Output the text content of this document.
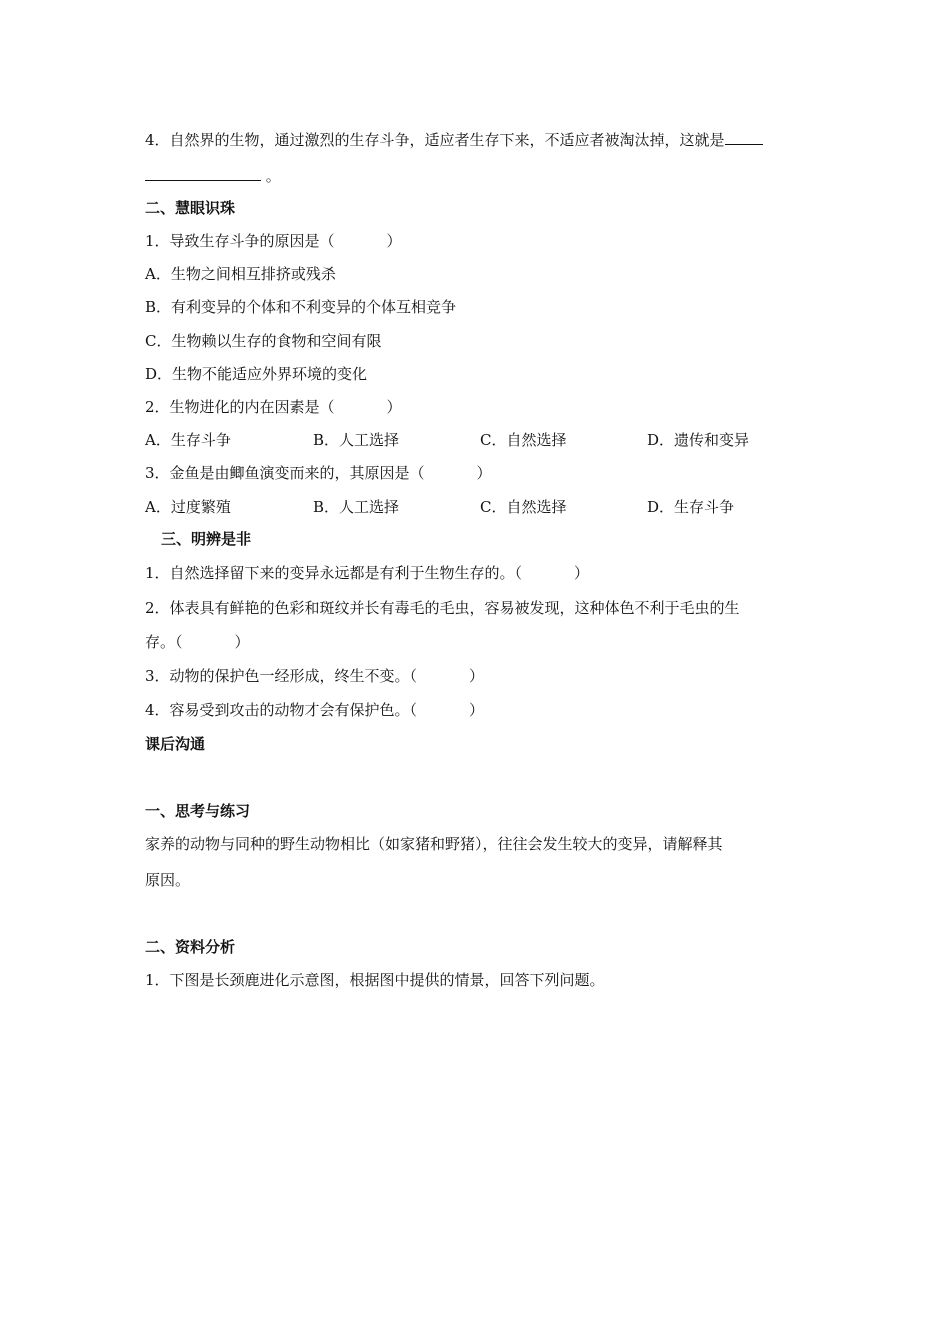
4．自然界的生物，通过激烈的生存斗争，适应者生存下来，不适应者被淘汰掉，这就是
。
二、慧眼识珠
1．导致生存斗争的原因是（	）
A．生物之间相互排挤或残杀
B．有利变异的个体和不利变异的个体互相竞争
C．生物赖以生存的食物和空间有限
D．生物不能适应外界环境的变化
2．生物进化的内在因素是（	）
A．生存斗争	B．人工选择	C．自然选择	D．遗传和变异
3．金鱼是由鲫鱼演变而来的，其原因是（	）
A．过度繁殖	B．人工选择	C．自然选择	D．生存斗争
三、明辨是非
1．自然选择留下来的变异永远都是有利于生物生存的。（	）
2．体表具有鲜艳的色彩和斑纹并长有毒毛的毛虫，容易被发现，这种体色不利于毛虫的生
存。（	）
3．动物的保护色一经形成，终生不变。（	）
4．容易受到攻击的动物才会有保护色。（	）
课后沟通
一、思考与练习
家养的动物与同种的野生动物相比（如家猪和野猪），往往会发生较大的变异，请解释其
原因。
二、资料分析
1．下图是长颈鹿进化示意图，根据图中提供的情景，回答下列问题。
